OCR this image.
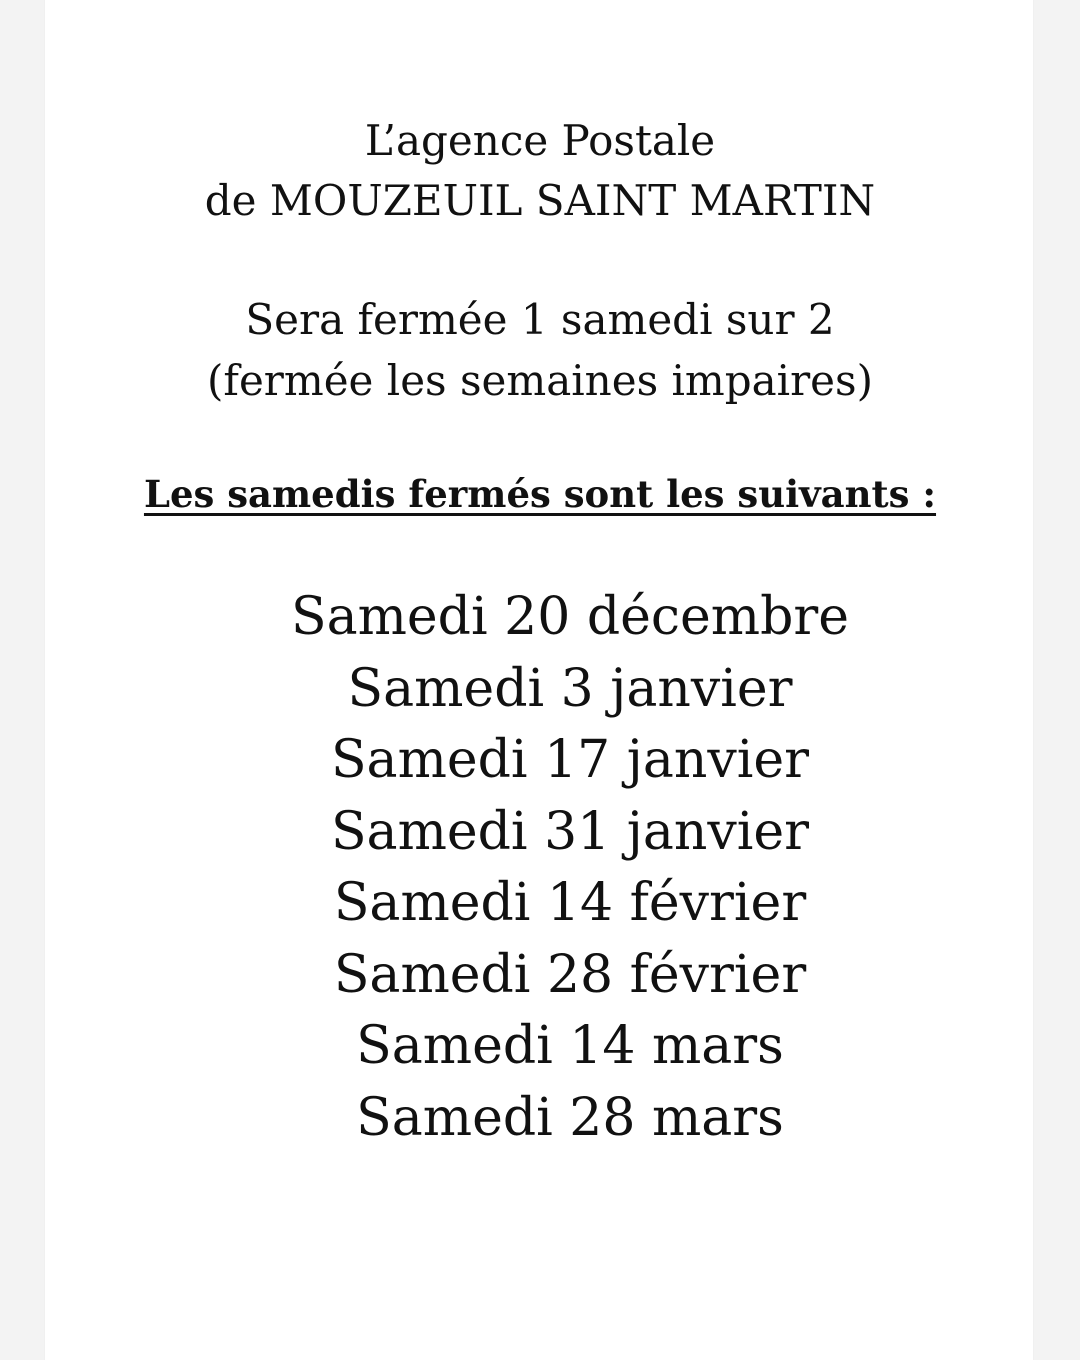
L’agence Postale
de MOUZEUIL SAINT MARTIN
Sera fermée 1 samedi sur 2
(fermée les semaines impaires)
Les samedis fermés sont les suivants :
Samedi 20 décembre
Samedi 3 janvier
Samedi 17 janvier
Samedi 31 janvier
Samedi 14 février
Samedi 28 février
Samedi 14 mars
Samedi 28 mars
